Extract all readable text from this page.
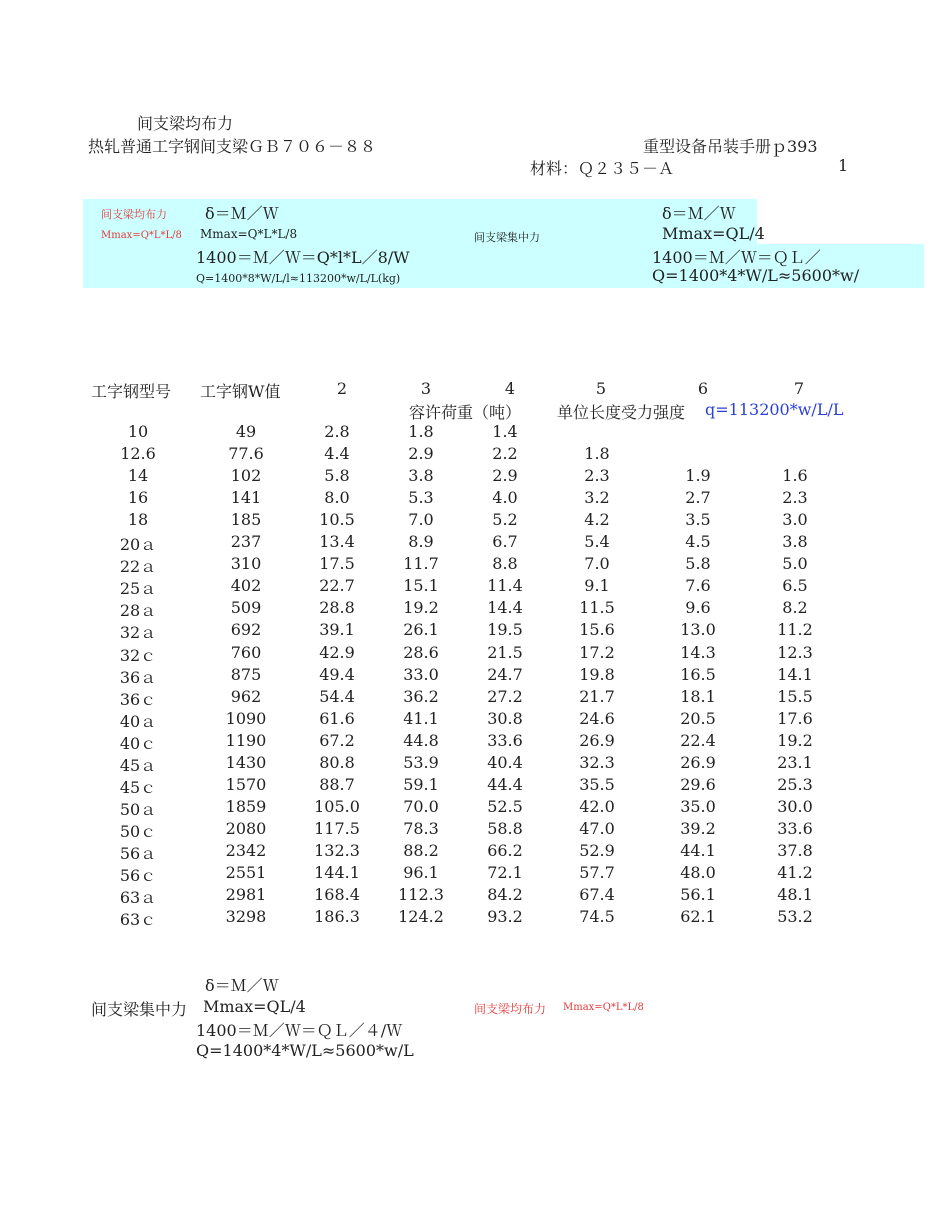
间支梁均布力
热轧普通工字钢间支梁ＧＢ７０６－８８	重型设备吊装手册ｐ393
材料：Ｑ２３５－Ａ	1
间支梁均布力
Mmax=Q*L*L/8
δ＝Ｍ／Ｗ
Mmax=Q*L*L/8
1400＝Ｍ／Ｗ＝Q*l*L／8/W
Q=1400*8*W/L/l≈113200*w/L/L(kg)
间支梁集中力
δ＝Ｍ／Ｗ
Mmax=QL/4
1400＝Ｍ／Ｗ＝ＱＬ／
Q=1400*4*W/L≈5600*w/
工字钢型号 工字钢W值	2	3	4	5	6	7
容许荷重（吨） 单位长度受力强度 q=113200*w/L/L
10	49	2.8	1.8	1.4
12.6	77.6	4.4	2.9	2.2	1.8
14	102	5.8	3.8	2.9	2.3	1.9	1.6
16	141	8.0	5.3	4.0	3.2	2.7	2.3
18	185	10.5	7.0	5.2	4.2	3.5	3.0
20ａ	237	13.4	8.9	6.7	5.4	4.5	3.8
22ａ	310	17.5	11.7	8.8	7.0	5.8	5.0
25ａ	402	22.7	15.1	11.4	9.1	7.6	6.5
28ａ	509	28.8	19.2	14.4	11.5	9.6	8.2
32ａ	692	39.1	26.1	19.5	15.6	13.0	11.2
32ｃ	760	42.9	28.6	21.5	17.2	14.3	12.3
36ａ	875	49.4	33.0	24.7	19.8	16.5	14.1
36ｃ	962	54.4	36.2	27.2	21.7	18.1	15.5
40ａ	1090	61.6	41.1	30.8	24.6	20.5	17.6
40ｃ	1190	67.2	44.8	33.6	26.9	22.4	19.2
45ａ	1430	80.8	53.9	40.4	32.3	26.9	23.1
45ｃ	1570	88.7	59.1	44.4	35.5	29.6	25.3
50ａ	1859	105.0	70.0	52.5	42.0	35.0	30.0
50ｃ	2080	117.5	78.3	58.8	47.0	39.2	33.6
56ａ	2342	132.3	88.2	66.2	52.9	44.1	37.8
56ｃ	2551	144.1	96.1	72.1	57.7	48.0	41.2
63ａ	2981	168.4	112.3	84.2	67.4	56.1	48.1
63ｃ	3298	186.3	124.2	93.2	74.5	62.1	53.2
δ＝Ｍ／Ｗ
间支梁集中力 Mmax=QL/4
1400＝Ｍ／Ｗ＝ＱＬ／４/Ｗ
Q=1400*4*W/L≈5600*w/L
间支梁均布力 Mmax=Q*L*L/8
